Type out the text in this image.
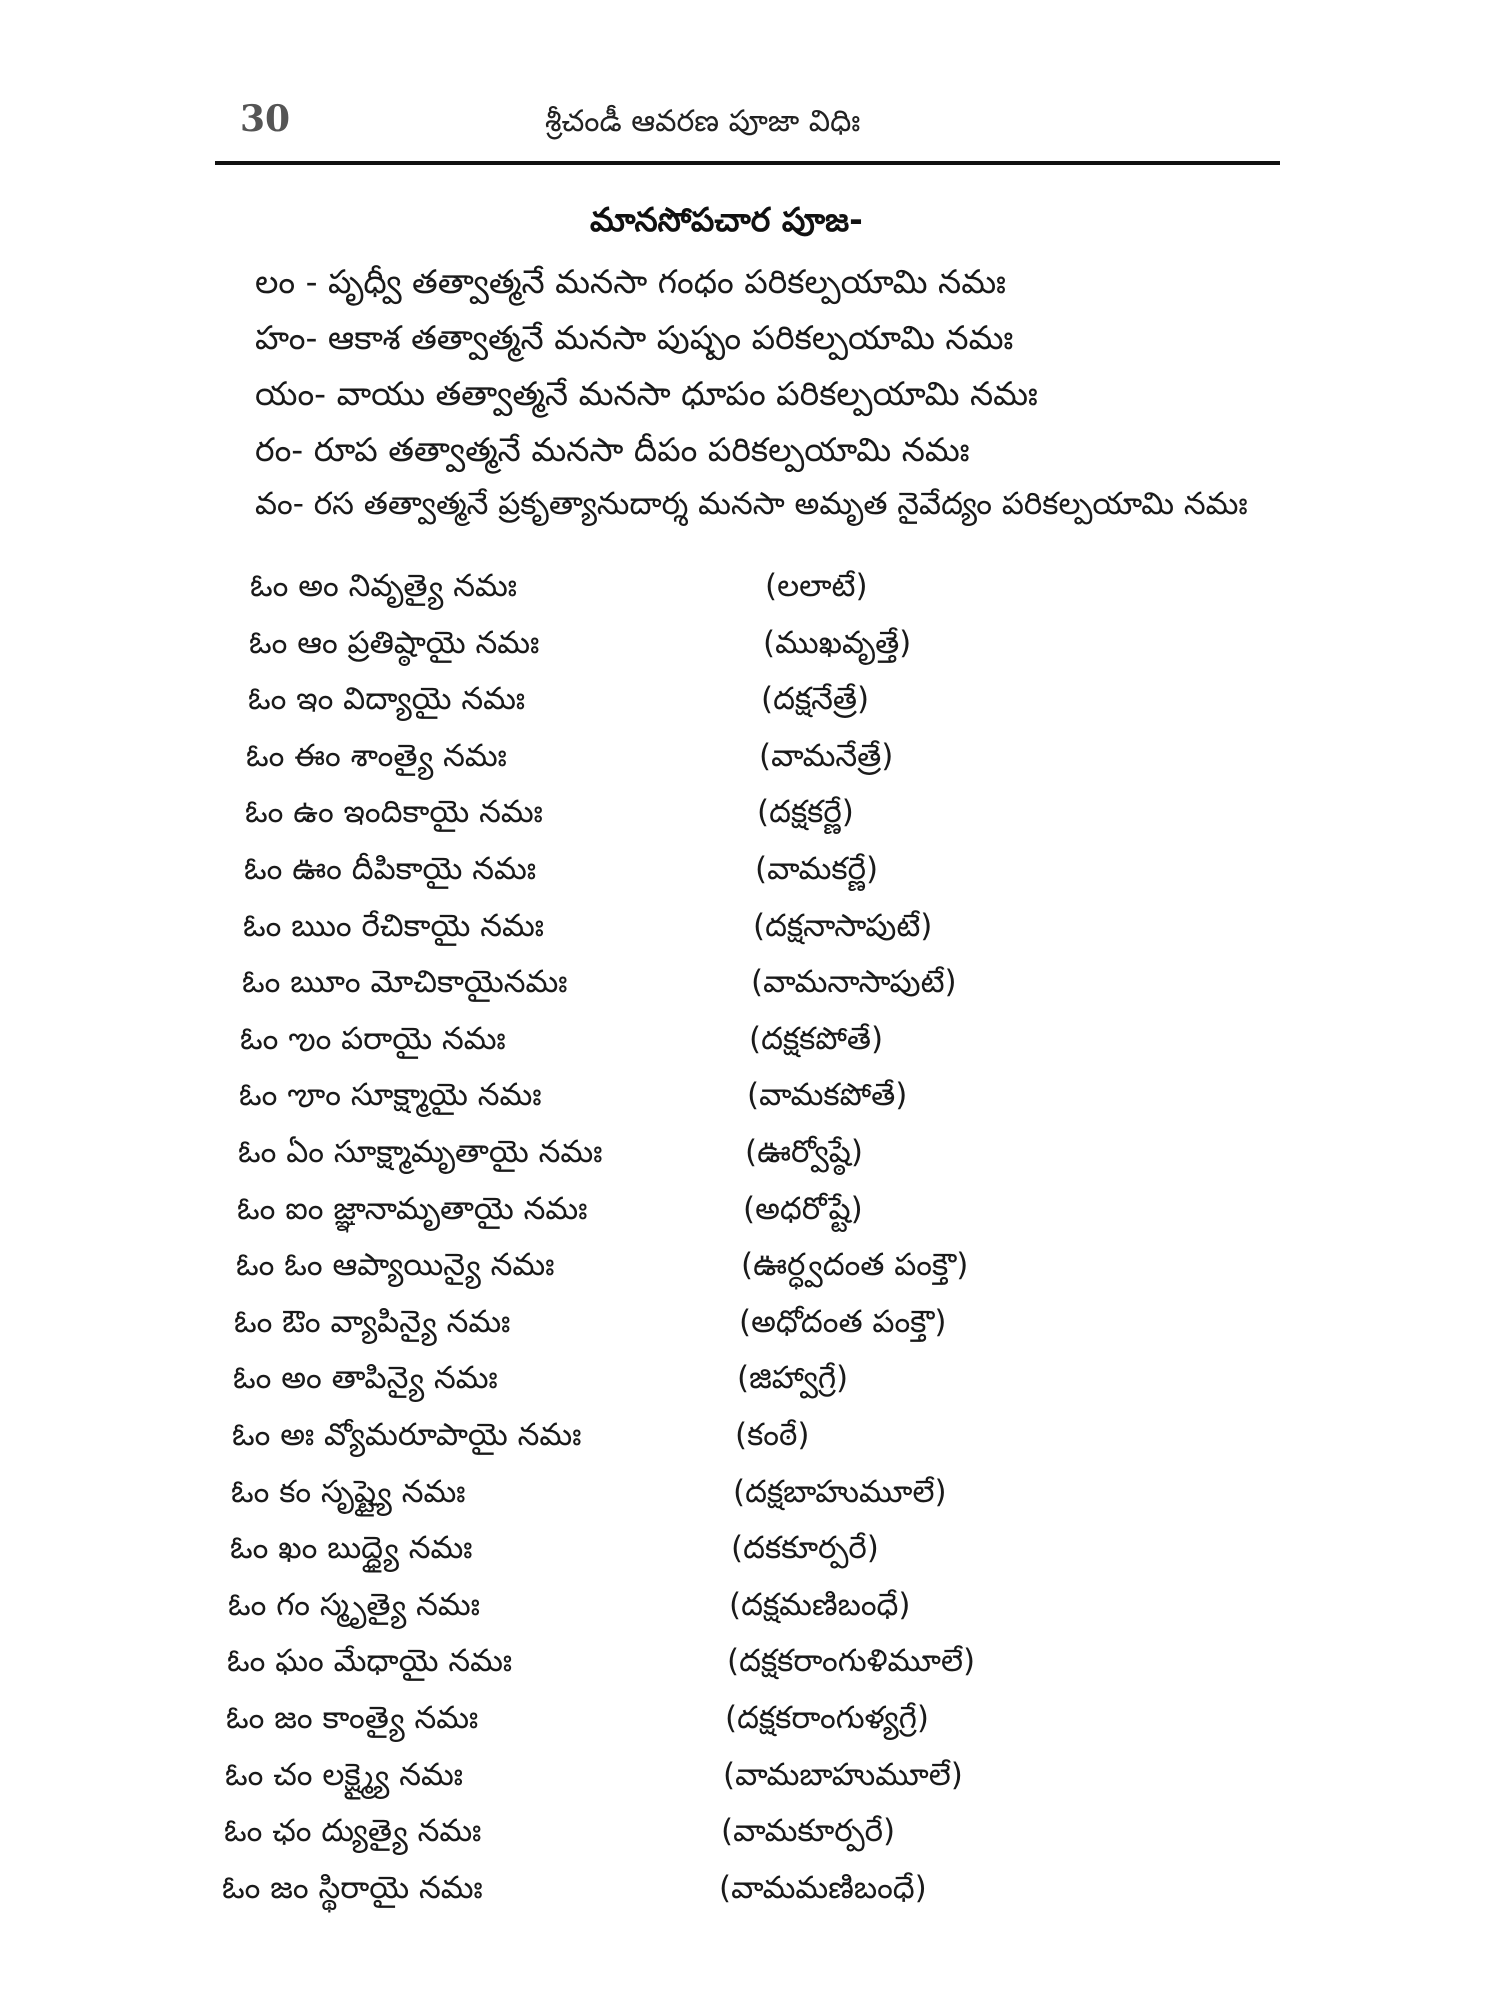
30	శ్రీచండీ ఆవరణ పూజా విధిః
మానసోపచార పూజ-
లం - పృధ్వీ తత్వాత్మనే మనసా గంధం పరికల్పయామి నమః
హం- ఆకాశ తత్వాత్మనే మనసా పుష్పం పరికల్పయామి నమః
యం- వాయు తత్వాత్మనే మనసా ధూపం పరికల్పయామి నమః
రం- రూప తత్వాత్మనే మనసా దీపం పరికల్పయామి నమః
వం- రస తత్వాత్మనే ప్రకృత్యానుదార్శ మనసా అమృత నైవేద్యం పరికల్పయామి నమః
ఓం అం నివృత్యై నమః	(లలాటే)
ఓం ఆం ప్రతిష్ఠాయై నమః	(ముఖవృత్తే)
ఓం ఇం విద్యాయై నమః	(దక్షనేత్రే)
ఓం ఈం శాంత్యై నమః	(వామనేత్రే)
ఓం ఉం ఇందికాయై నమః	(దక్షకర్ణే)
ఓం ఊం దీపికాయై నమః	(వామకర్ణే)
ఓం ఋం రేచికాయై నమః	(దక్షనాసాపుటే)
ఓం ౠం మోచికాయైనమః	(వామనాసాపుటే)
ఓం ఌం పరాయై నమః	(దక్షకపోతే)
ఓం ౡం సూక్ష్మాయై నమః	(వామకపోతే)
ఓం ఏం సూక్ష్మామృతాయై నమః	(ఊర్వోష్ఠే)
ఓం ఐం జ్ఞానామృతాయై నమః	(అధరోష్టే)
ఓం ఓం ఆప్యాయిన్యై నమః	(ఊర్ధ్వదంత పంక్తౌ)
ఓం ఔం వ్యాపిన్యై నమః	(అధోదంత పంక్తౌ)
ఓం అం తాపిన్యై నమః	(జిహ్వాగ్రే)
ఓం అః వ్యోమరూపాయై నమః	(కంఠే)
ఓం కం సృష్ట్యై నమః	(దక్షబాహుమూలే)
ఓం ఖం బుద్ధ్యై నమః	(దకకూర్పరే)
ఓం గం స్మృత్యై నమః	(దక్షమణిబంధే)
ఓం ఘం మేధాయై నమః	(దక్షకరాంగుళిమూలే)
ఓం జం కాంత్యై నమః	(దక్షకరాంగుళ్యగ్రే)
ఓం చం లక్ష్మ్యై నమః	(వామబాహుమూలే)
ఓం ఛం ద్యుత్యై నమః	(వామకూర్పరే)
ఓం జం స్థిరాయై నమః	(వామమణిబంధే)
